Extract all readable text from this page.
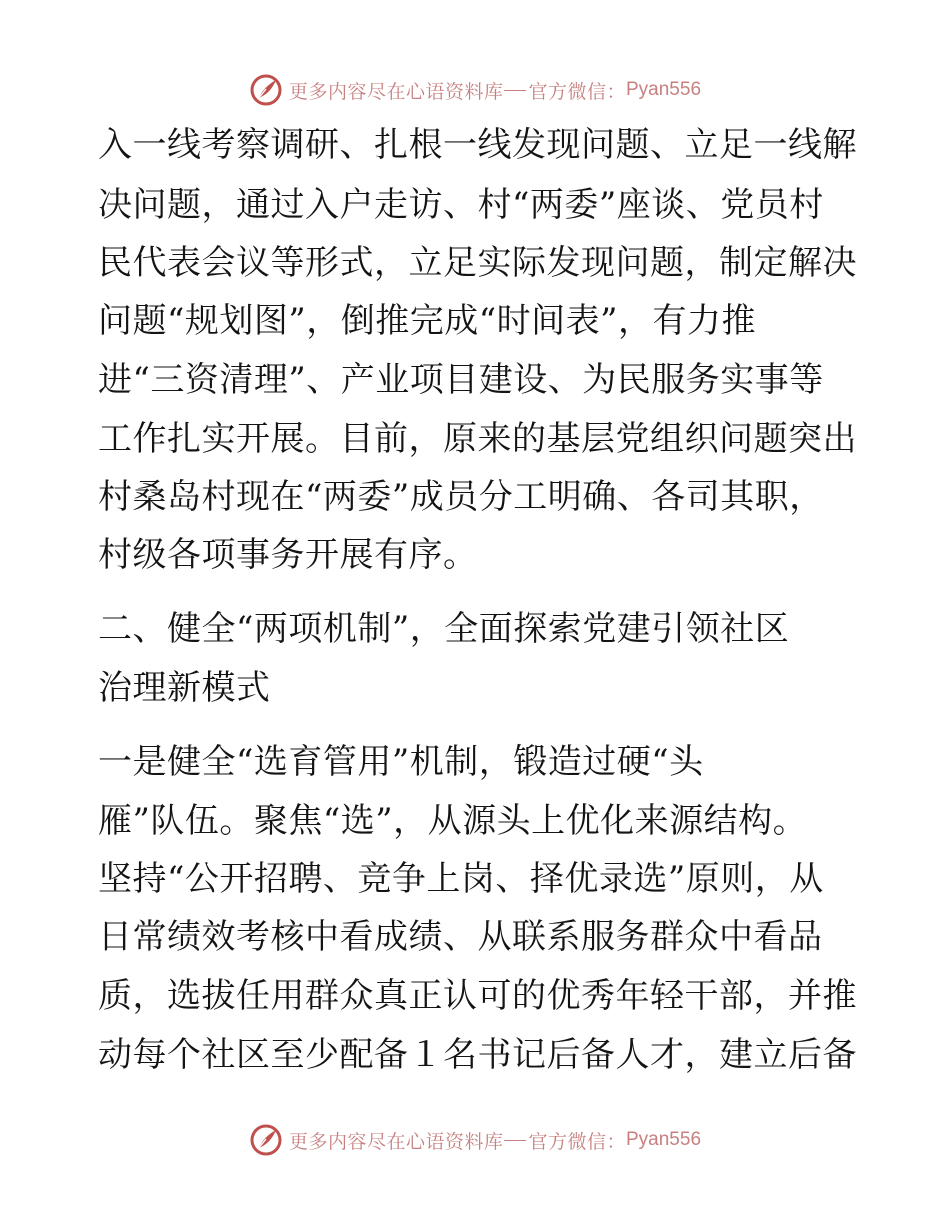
更多内容尽在心语资料库 官方微信： Pyan556
入一线考察调研、扎根一线发现问题、立足一线解
决问题，通过入户走访、村“两委”座谈、党员村
民代表会议等形式，立足实际发现问题，制定解决
问题“规划图”，倒推完成“时间表”，有力推
进“三资清理”、产业项目建设、为民服务实事等
工作扎实开展。目前，原来的基层党组织问题突出
村桑岛村现在“两委”成员分工明确、各司其职，
村级各项事务开展有序。
二、健全“两项机制”，全面探索党建引领社区
治理新模式
一是健全“选育管用”机制，锻造过硬“头
雁”队伍。聚焦“选”，从源头上优化来源结构。
坚持“公开招聘、竞争上岗、择优录选”原则，从
日常绩效考核中看成绩、从联系服务群众中看品
质，选拔任用群众真正认可的优秀年轻干部，并推
动每个社区至少配备１名书记后备人才，建立后备
更多内容尽在心语资料库 官方微信： Pyan556
